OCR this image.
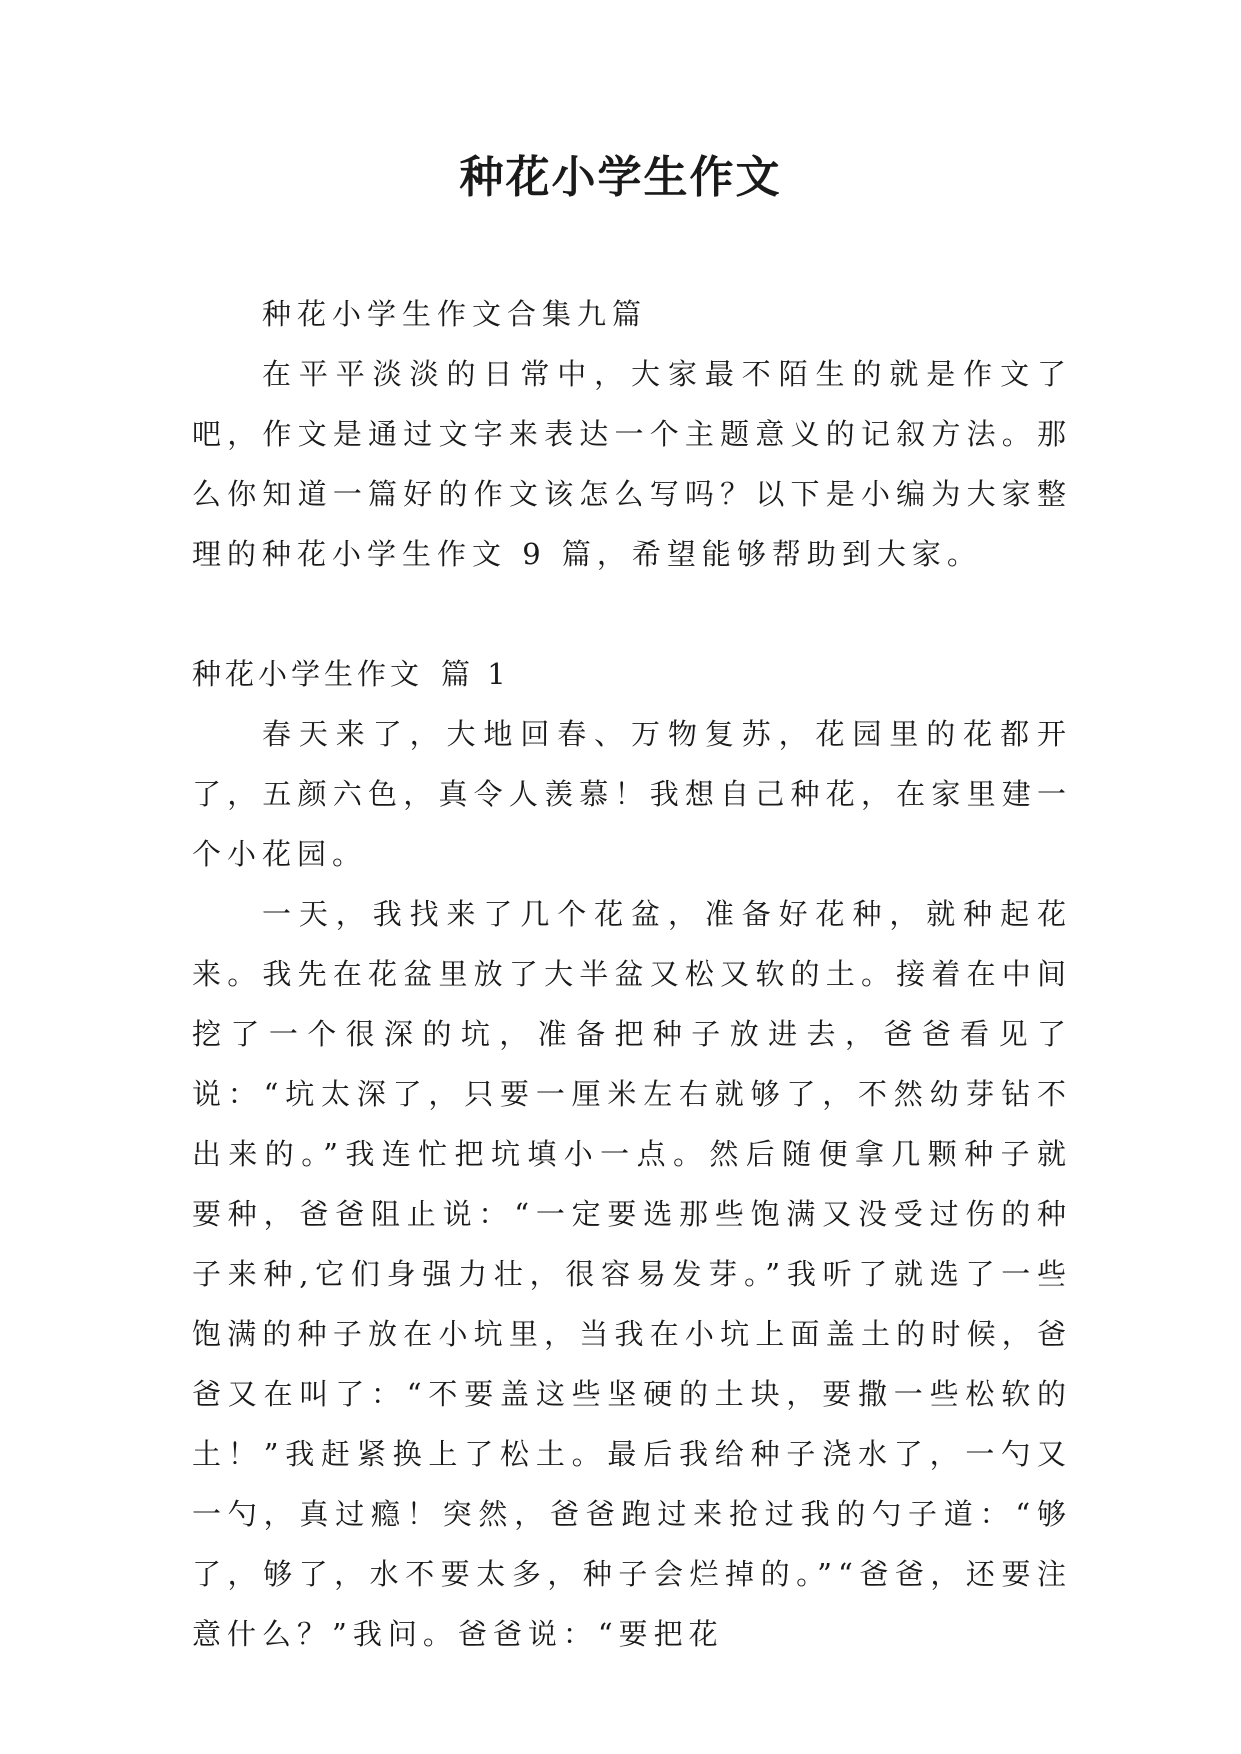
种花小学生作文

种花小学生作文合集九篇

在平平淡淡的日常中，大家最不陌生的就是作文了吧，作文是通过文字来表达一个主题意义的记叙方法。那么你知道一篇好的作文该怎么写吗？以下是小编为大家整理的种花小学生作文 9 篇，希望能够帮助到大家。

种花小学生作文 篇 1

春天来了，大地回春、万物复苏，花园里的花都开了，五颜六色，真令人羡慕！我想自己种花，在家里建一个小花园。

一天，我找来了几个花盆，准备好花种，就种起花来。我先在花盆里放了大半盆又松又软的土。接着在中间挖了一个很深的坑，准备把种子放进去，爸爸看见了说：“坑太深了，只要一厘米左右就够了，不然幼芽钻不出来的。”我连忙把坑填小一点。然后随便拿几颗种子就要种，爸爸阻止说：“一定要选那些饱满又没受过伤的种子来种,它们身强力壮，很容易发芽。”我听了就选了一些饱满的种子放在小坑里，当我在小坑上面盖土的时候，爸爸又在叫了：“不要盖这些坚硬的土块，要撒一些松软的土！”我赶紧换上了松土。最后我给种子浇水了，一勺又一勺，真过瘾！突然，爸爸跑过来抢过我的勺子道：“够了，够了，水不要太多，种子会烂掉的。”“爸爸，还要注意什么？”我问。爸爸说：“要把花
